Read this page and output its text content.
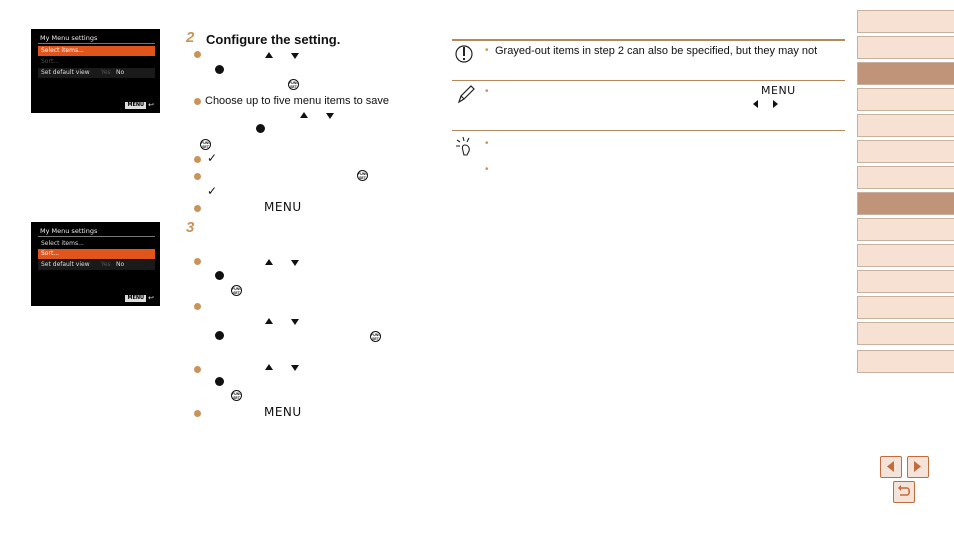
My Menu settings
Select items...
Sort...
Set default view Yes No
MENU ↩
My Menu settings
Select items...
Sort...
Set default view Yes No
MENU ↩
2 Configure the setting.
FUNC
SET
Choose up to five menu items to save
FUNC
SET
✓
FUNC
SET
✓
MENU
3
FUNC
SET
FUNC
SET
FUNC
SET
MENU
• Grayed-out items in step 2 can also be specified, but they may not
•	MENU
•
•
